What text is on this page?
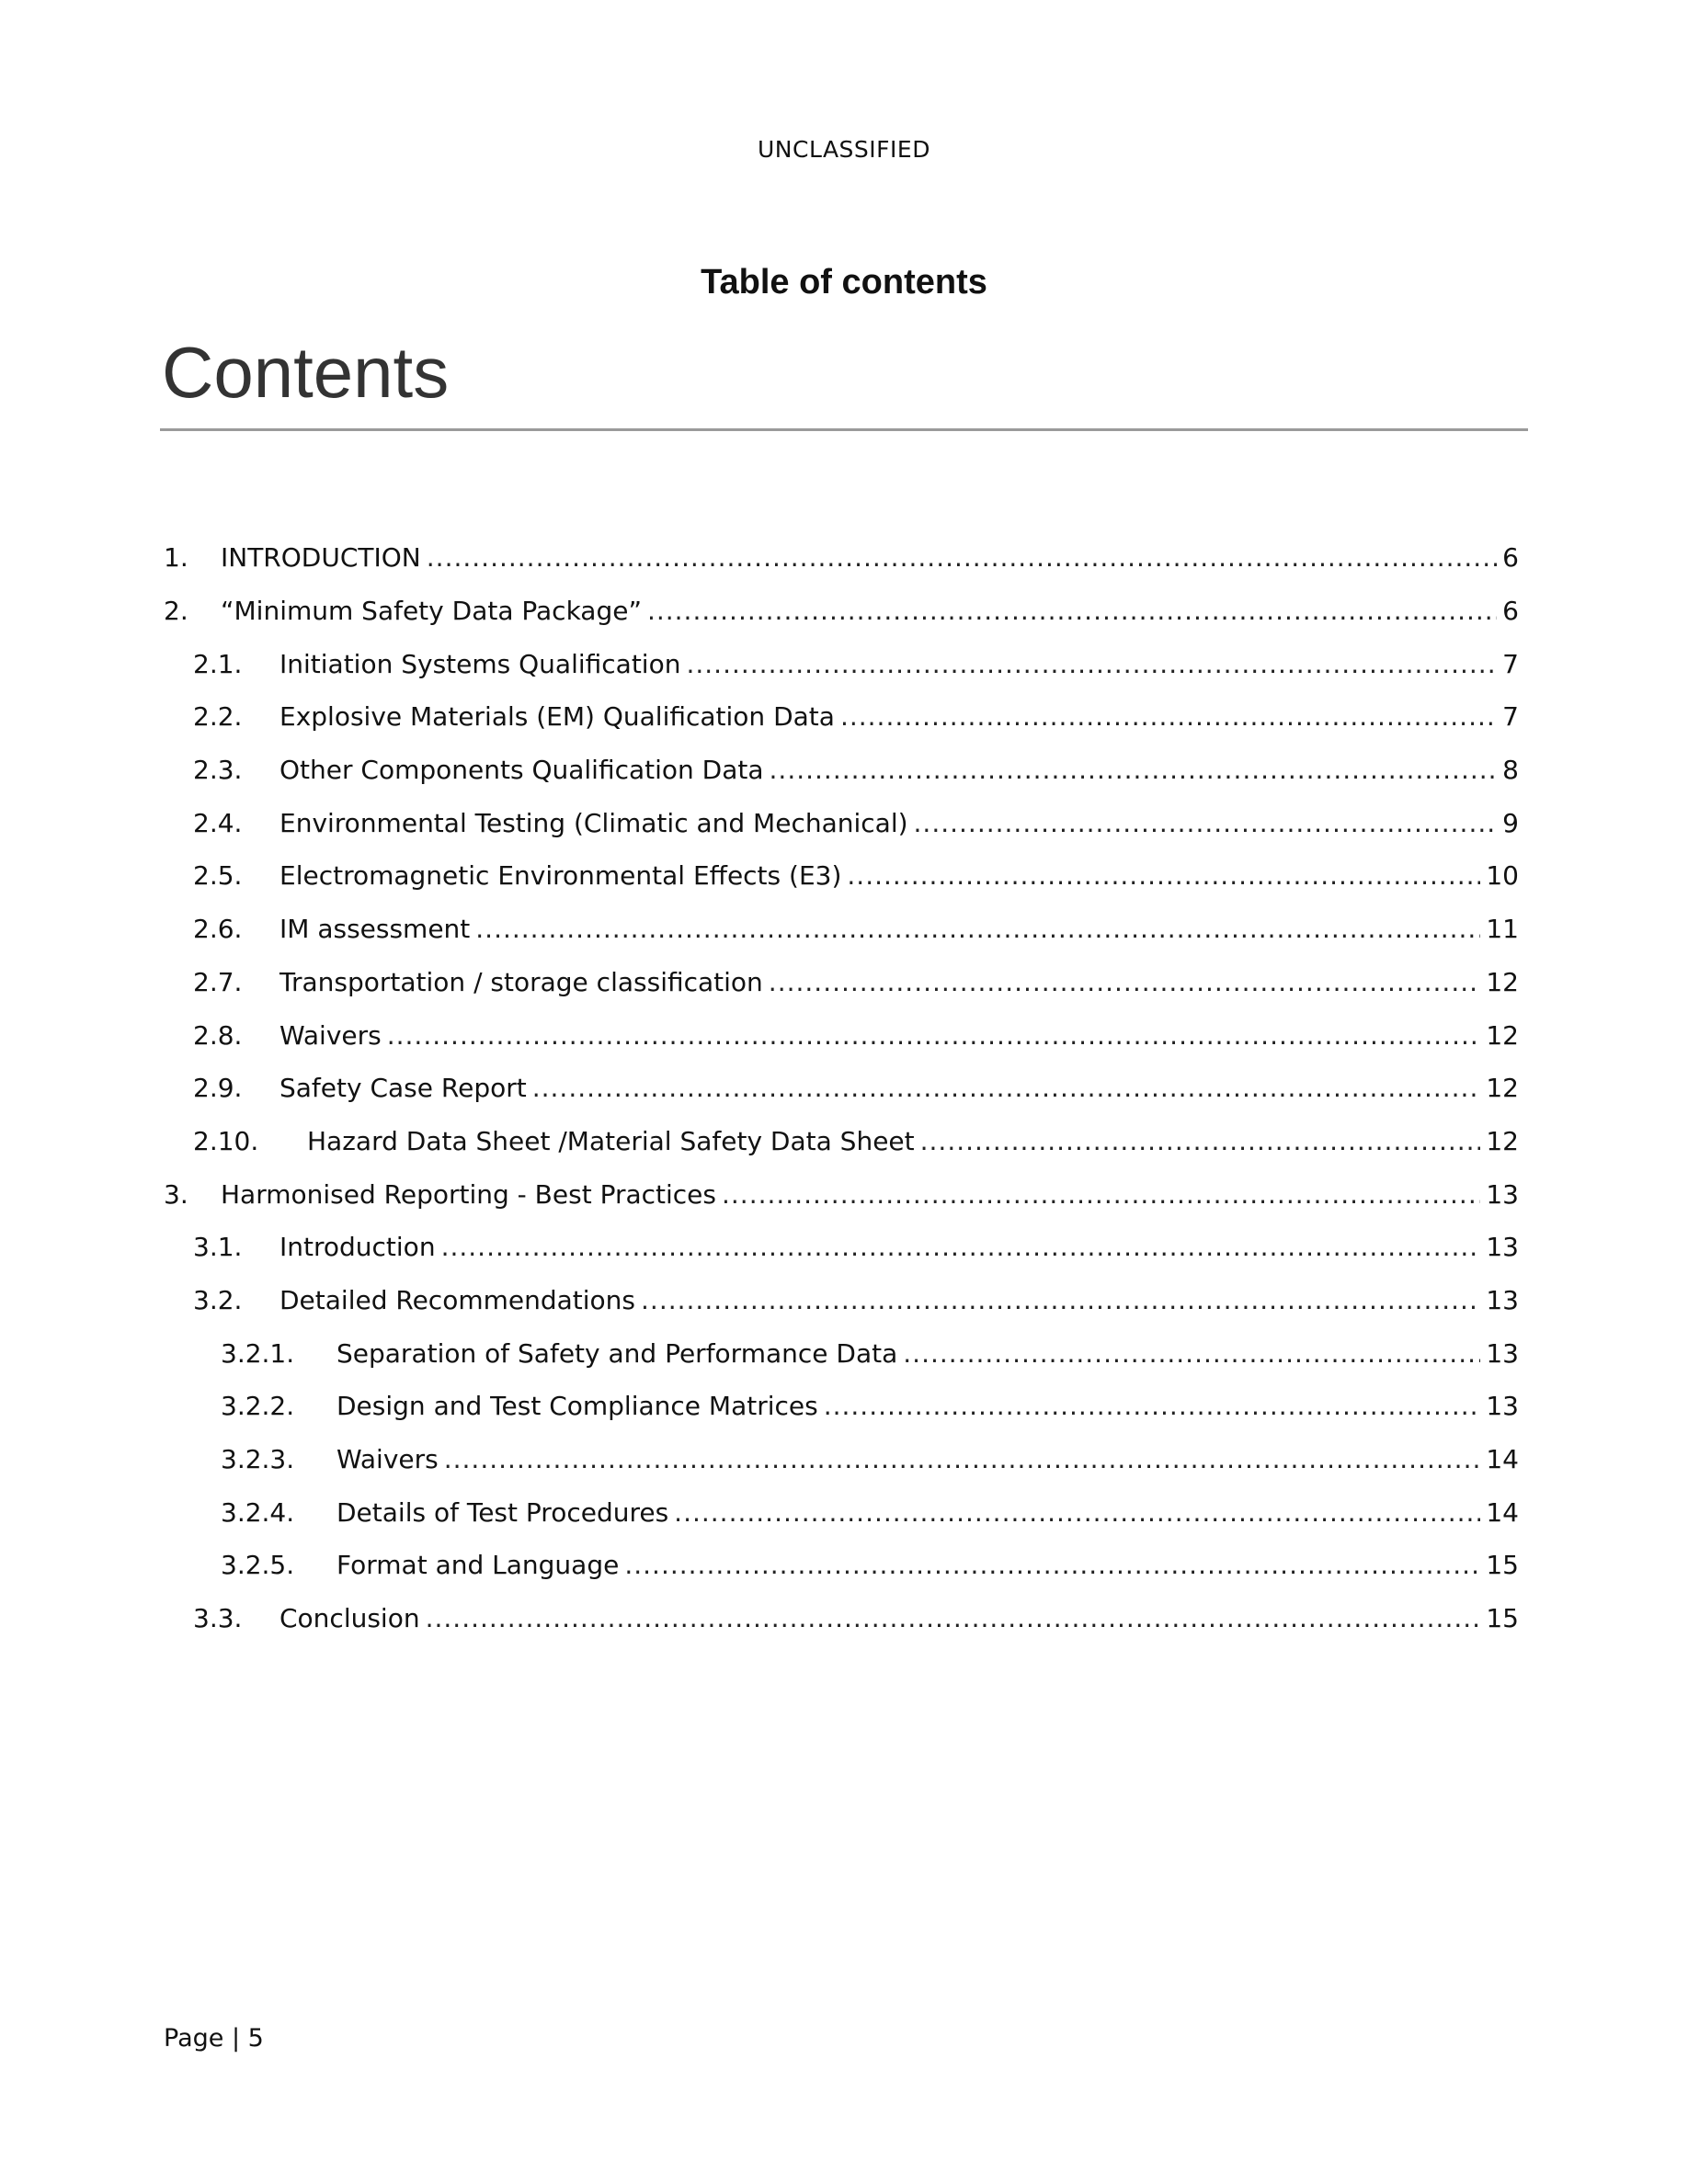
UNCLASSIFIED
Table of contents
Contents
1.	INTRODUCTION .....	6
2.	“Minimum Safety Data Package” .....	6
2.1.	Initiation Systems Qualification .....	7
2.2.	Explosive Materials (EM) Qualification Data .....	7
2.3.	Other Components Qualification Data .....	8
2.4.	Environmental Testing (Climatic and Mechanical) .....	9
2.5.	Electromagnetic Environmental Effects (E3) .....	10
2.6.	IM assessment .....	11
2.7.	Transportation / storage classification .....	12
2.8.	Waivers .....	12
2.9.	Safety Case Report .....	12
2.10.	Hazard Data Sheet /Material Safety Data Sheet .....	12
3.	Harmonised Reporting - Best Practices .....	13
3.1.	Introduction .....	13
3.2.	Detailed Recommendations .....	13
3.2.1.	Separation of Safety and Performance Data .....	13
3.2.2.	Design and Test Compliance Matrices .....	13
3.2.3.	Waivers .....	14
3.2.4.	Details of Test Procedures .....	14
3.2.5.	Format and Language .....	15
3.3.	Conclusion .....	15
Page | 5
